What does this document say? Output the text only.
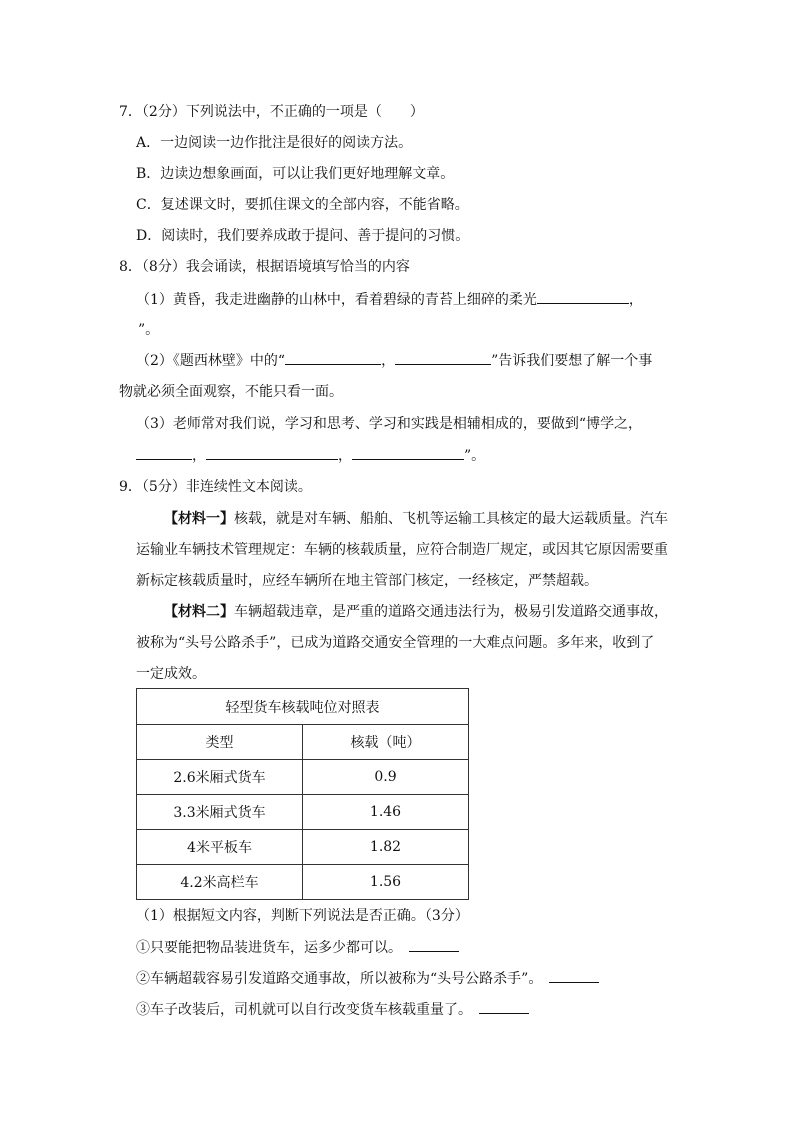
7．（2分）下列说法中，不正确的一项是（　　）
A．一边阅读一边作批注是很好的阅读方法。
B．边读边想象画面，可以让我们更好地理解文章。
C．复述课文时，要抓住课文的全部内容，不能省略。
D．阅读时，我们要养成敢于提问、善于提问的习惯。
8．（8分）我会诵读，根据语境填写恰当的内容
（1）黄昏，我走进幽静的山林中，看着碧绿的青苔上细碎的柔光	，
”。
（2）《题西林壁》中的“	，	”告诉我们要想了解一个事
物就必须全面观察，不能只看一面。
（3）老师常对我们说，学习和思考、学习和实践是相辅相成的，要做到“博学之，
，	，	”。
9．（5分）非连续性文本阅读。
【材料一】核载，就是对车辆、船舶、飞机等运输工具核定的最大运载质量。汽车
运输业车辆技术管理规定：车辆的核载质量，应符合制造厂规定，或因其它原因需要重
新标定核载质量时，应经车辆所在地主管部门核定，一经核定，严禁超载。
【材料二】车辆超载违章，是严重的道路交通违法行为，极易引发道路交通事故，
被称为“头号公路杀手”，已成为道路交通安全管理的一大难点问题。多年来，收到了
一定成效。
轻型货车核载吨位对照表	
类型	核载（吨）
2.6米厢式货车	0.9
3.3米厢式货车	1.46
4米平板车	1.82
4.2米高栏车	1.56
（1）根据短文内容，判断下列说法是否正确。（3分）
①只要能把物品装进货车，运多少都可以。　
②车辆超载容易引发道路交通事故，所以被称为“头号公路杀手”。　
③车子改装后，司机就可以自行改变货车核载重量了。　
